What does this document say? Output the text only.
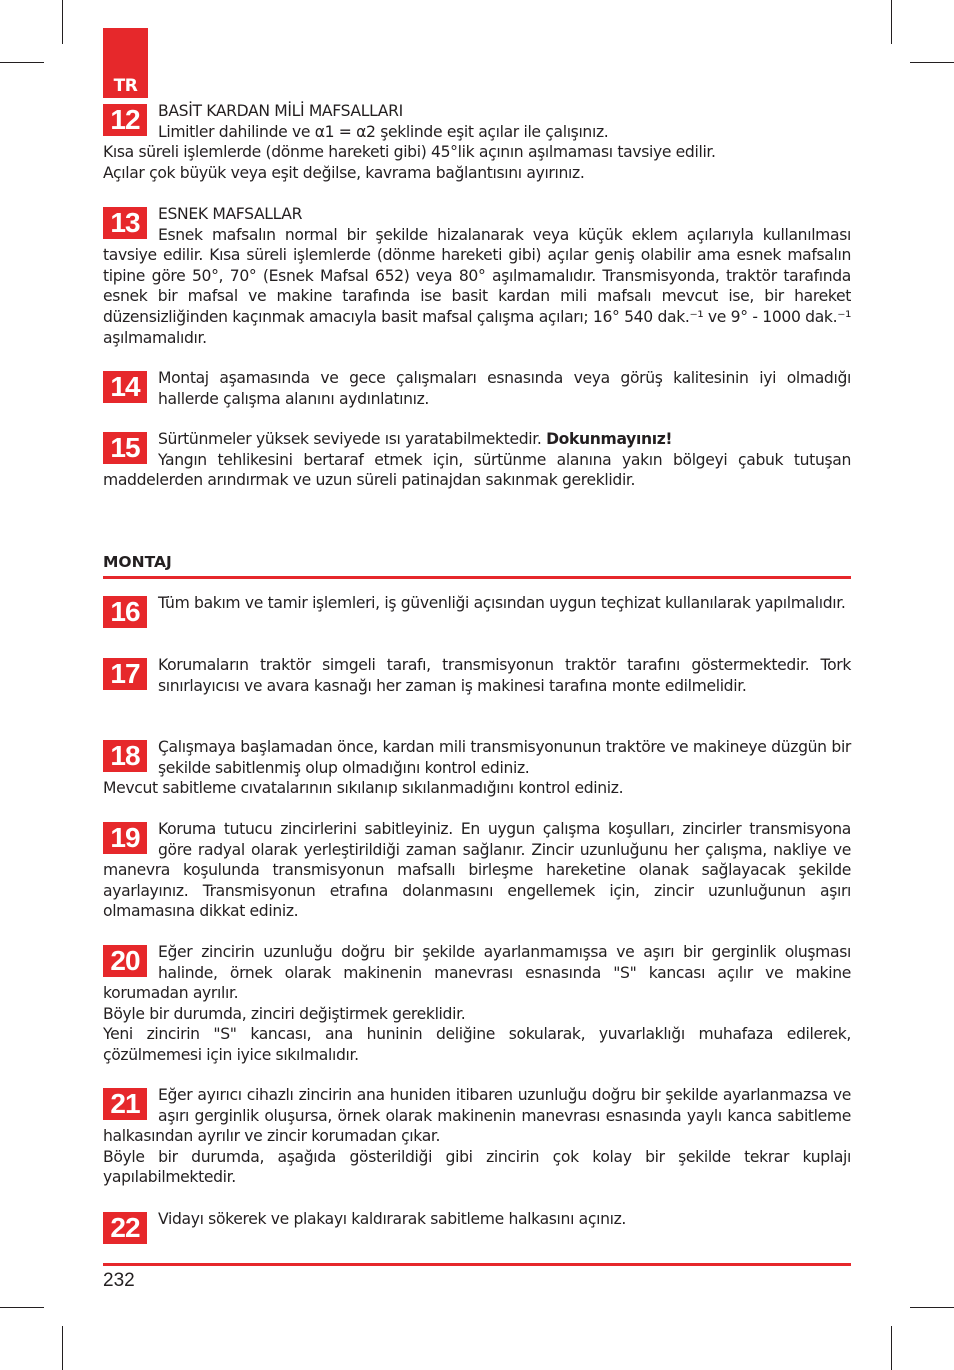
TR
12	BASİT KARDAN MİLİ MAFSALLARI

Limitler dahilinde ve α1 = α2 şeklinde eşit açılar ile çalışınız.

Kısa süreli işlemlerde (dönme hareketi gibi) 45°lik açının aşılmaması tavsiye edilir.

Açılar çok büyük veya eşit değilse, kavrama bağlantısını ayırınız.

13	ESNEK MAFSALLAR

Esnek mafsalın normal bir şekilde hizalanarak veya küçük eklem açılarıyla kullanılması tavsiye edilir. Kısa süreli işlemlerde (dönme hareketi gibi) açılar geniş olabilir ama esnek mafsalın tipine göre 50°, 70° (Esnek Mafsal 652) veya 80° aşılmamalıdır. Transmisyonda, traktör tarafında esnek bir mafsal ve makine tarafında ise basit kardan mili mafsalı mevcut ise, bir hareket düzensizliğinden kaçınmak amacıyla basit mafsal çalışma açıları; 16° 540 dak.⁻¹ ve 9° - 1000 dak.⁻¹ aşılmamalıdır.

14	Montaj aşamasında ve gece çalışmaları esnasında veya görüş kalitesinin iyi olmadığı hallerde çalışma alanını aydınlatınız.

15	Sürtünmeler yüksek seviyede ısı yaratabilmektedir. Dokunmayınız!

Yangın tehlikesini bertaraf etmek için, sürtünme alanına yakın bölgeyi çabuk tutuşan maddelerden arındırmak ve uzun süreli patinajdan sakınmak gereklidir.

MONTAJ
16	Tüm bakım ve tamir işlemleri, iş güvenliği açısından uygun teçhizat kullanılarak yapılmalıdır.

17	Korumaların traktör simgeli tarafı, transmisyonun traktör tarafını göstermektedir. Tork sınırlayıcısı ve avara kasnağı her zaman iş makinesi tarafına monte edilmelidir.

18	Çalışmaya başlamadan önce, kardan mili transmisyonunun traktöre ve makineye düzgün bir şekilde sabitlenmiş olup olmadığını kontrol ediniz.

Mevcut sabitleme cıvatalarının sıkılanıp sıkılanmadığını kontrol ediniz.

19	Koruma tutucu zincirlerini sabitleyiniz. En uygun çalışma koşulları, zincirler transmisyona göre radyal olarak yerleştirildiği zaman sağlanır. Zincir uzunluğunu her çalışma, nakliye ve manevra koşulunda transmisyonun mafsallı birleşme hareketine olanak sağlayacak şekilde ayarlayınız. Transmisyonun etrafına dolanmasını engellemek için, zincir uzunluğunun aşırı olmamasına dikkat ediniz.

20	Eğer zincirin uzunluğu doğru bir şekilde ayarlanmamışsa ve aşırı bir gerginlik oluşması halinde, örnek olarak makinenin manevrası esnasında "S" kancası açılır ve makine korumadan ayrılır.

Böyle bir durumda, zinciri değiştirmek gereklidir.

Yeni zincirin "S" kancası, ana huninin deliğine sokularak, yuvarlaklığı muhafaza edilerek, çözülmemesi için iyice sıkılmalıdır.

21	Eğer ayırıcı cihazlı zincirin ana huniden itibaren uzunluğu doğru bir şekilde ayarlanmazsa ve aşırı gerginlik oluşursa, örnek olarak makinenin manevrası esnasında yaylı kanca sabitleme halkasından ayrılır ve zincir korumadan çıkar.

Böyle bir durumda, aşağıda gösterildiği gibi zincirin çok kolay bir şekilde tekrar kuplajı yapılabilmektedir.

22	Vidayı sökerek ve plakayı kaldırarak sabitleme halkasını açınız.

232
